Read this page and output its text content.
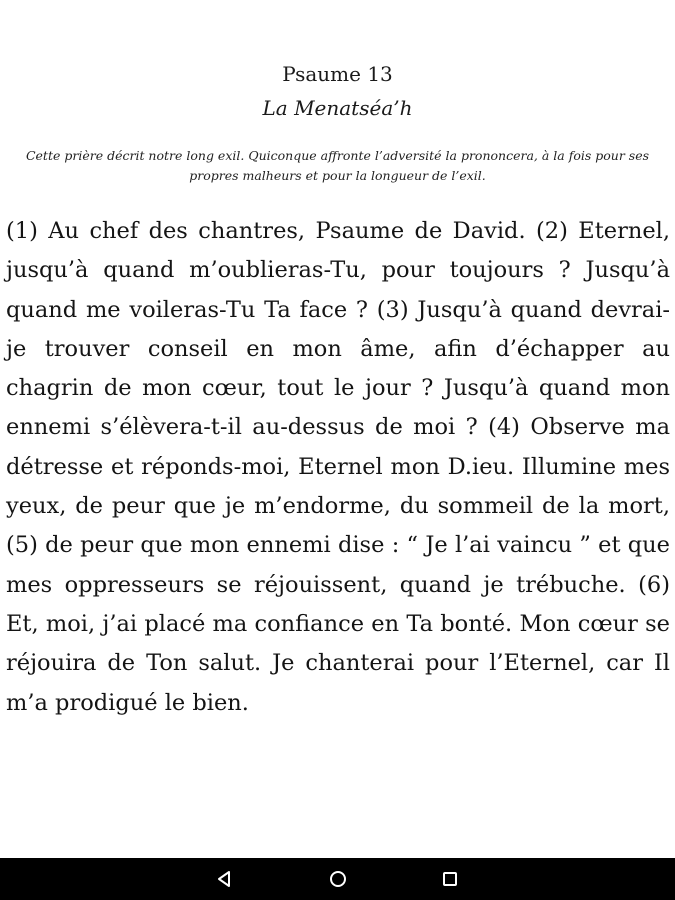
Psaume 13
La Menatséa’h
Cette prière décrit notre long exil. Quiconque affronte l’adversité la prononcera, à la fois pour ses propres malheurs et pour la longueur de l’exil.
(1) Au chef des chantres, Psaume de David. (2) Eternel, jusqu’à quand m’oublieras-Tu, pour toujours ? Jusqu’à quand me voileras-Tu Ta face ? (3) Jusqu’à quand devrai-je trouver conseil en mon âme, afin d’échapper au chagrin de mon cœur, tout le jour ? Jusqu’à quand mon ennemi s’élèvera-t-il au-dessus de moi ? (4) Observe ma détresse et réponds-moi, Eternel mon D.ieu. Illumine mes yeux, de peur que je m’endorme, du sommeil de la mort, (5) de peur que mon ennemi dise : “ Je l’ai vaincu ” et que mes oppresseurs se réjouissent, quand je trébuche. (6) Et, moi, j’ai placé ma confiance en Ta bonté. Mon cœur se réjouira de Ton salut. Je chanterai pour l’Eternel, car Il m’a prodigué le bien.
